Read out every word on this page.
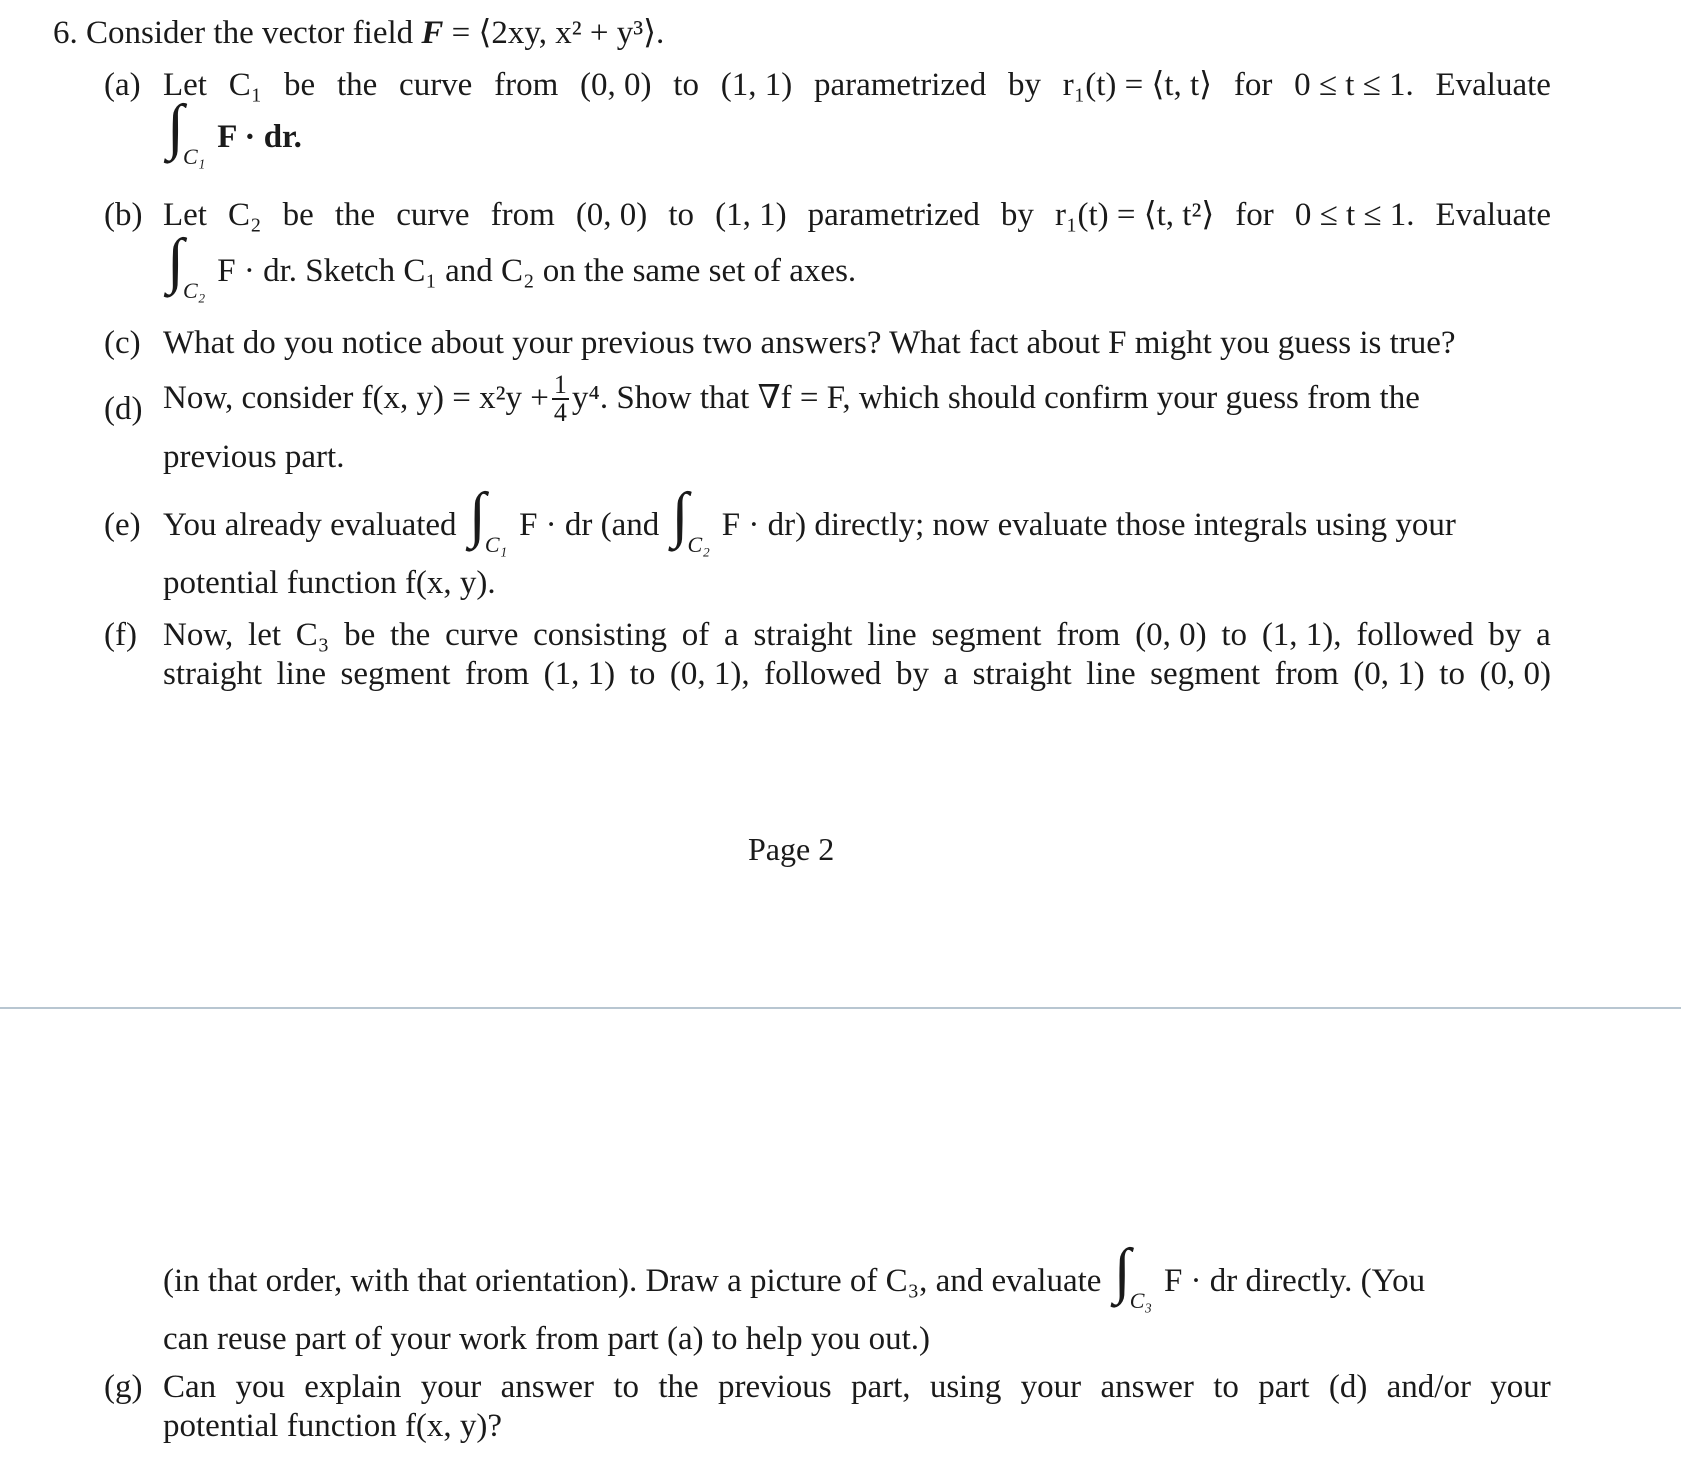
6. Consider the vector field F = ⟨2xy, x² + y³⟩.
(a) Let C₁ be the curve from (0, 0) to (1, 1) parametrized by r₁(t) = ⟨t, t⟩ for 0 ≤ t ≤ 1. Evaluate
∫ C₁
F · dr.
(b) Let C₂ be the curve from (0, 0) to (1, 1) parametrized by r₁(t) = ⟨t, t²⟩ for 0 ≤ t ≤ 1. Evaluate
∫ C₂
F · dr. Sketch C₁ and C₂ on the same set of axes.
(c) What do you notice about your previous two answers? What fact about F might you guess is true?
(d) Now, consider f(x, $y) = x^2y + \frac{1}{4} y^4$. Show that ∇f = F, which should confirm your guess from the
previous part.
(e) You already evaluated ∫ C₁
F · dr (and ∫ C₂
F · dr) directly; now evaluate those integrals using your
potential function f(x, y).
(f) Now, let C₃ be the curve consisting of a straight line segment from (0, 0) to (1, 1), followed by a
straight line segment from (1, 1) to (0, 1), followed by a straight line segment from (0, 1) to (0, 0)
Page 2
(in that order, with that orientation). Draw a picture of C₃, and evaluate ∫ C₃
F · dr directly. (You
can reuse part of your work from part (a) to help you out.)
(g) Can you explain your answer to the previous part, using your answer to part (d) and/or your
potential function f(x, y)?
